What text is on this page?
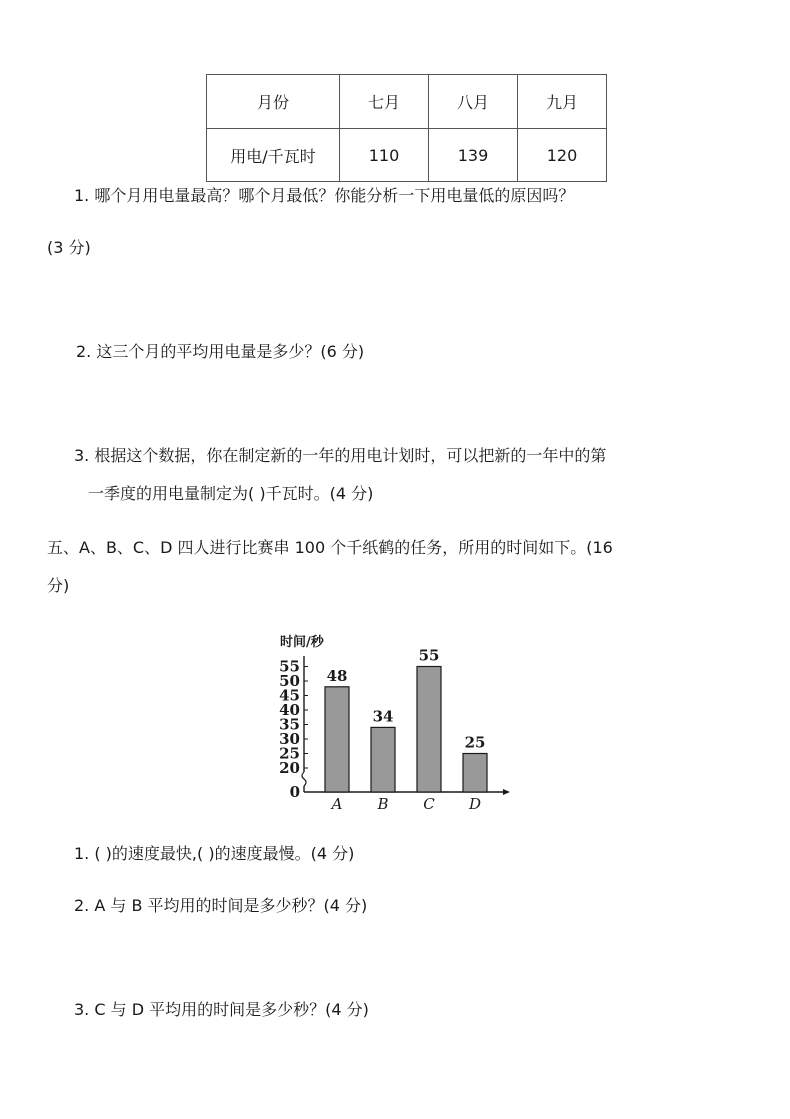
月份	七月	八月	九月
用电/千瓦时	110	139	120
1. 哪个月用电量最高？哪个月最低？你能分析一下用电量低的原因吗？
(3 分)
2. 这三个月的平均用电量是多少？(6 分)
3. 根据这个数据，你在制定新的一年的用电计划时，可以把新的一年中的第
一季度的用电量制定为( )千瓦时。(4 分)
五、A、B、C、D 四人进行比赛串 100 个千纸鹤的任务，所用的时间如下。(16
分)
时间/秒
0
20
25
30
35
40
45
50
55
48
A
34
B
55
C
25
D
1. ( )的速度最快,( )的速度最慢。(4 分)
2. A 与 B 平均用的时间是多少秒？(4 分)
3. C 与 D 平均用的时间是多少秒？(4 分)
